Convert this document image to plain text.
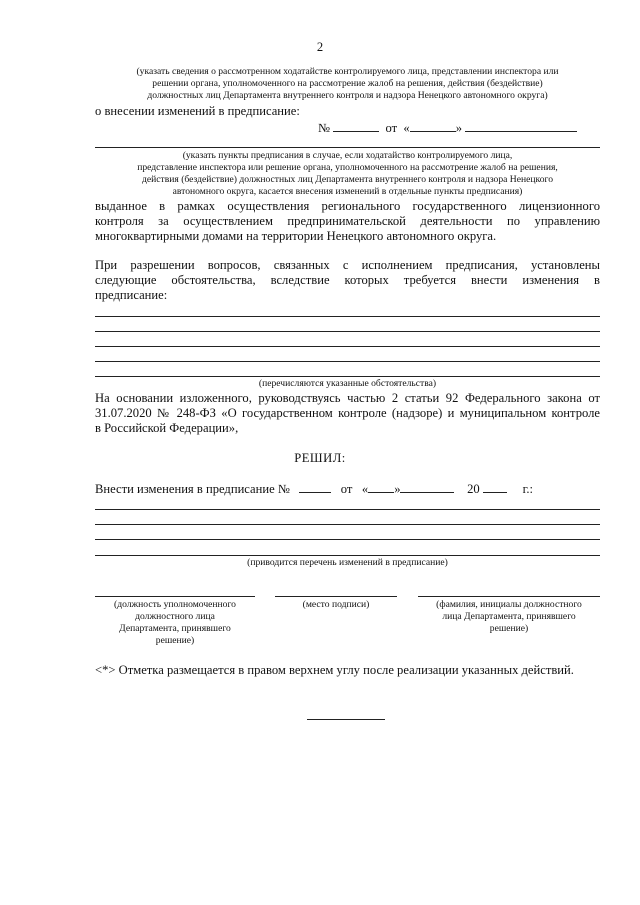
2
(указать сведения о рассмотренном ходатайстве контролируемого лица, представлении инспектора или
решении органа, уполномоченного на рассмотрение жалоб на решения, действия (бездействие)
должностных лиц Департамента внутреннего контроля и надзора Ненецкого автономного округа)
о внесении изменений в предписание:
№	от «	»
(указать пункты предписания в случае, если ходатайство контролируемого лица,
представление инспектора или решение органа, уполномоченного на рассмотрение жалоб на решения,
действия (бездействие) должностных лиц Департамента внутреннего контроля и надзора Ненецкого
автономного округа, касается внесения изменений в отдельные пункты предписания)
выданное в рамках осуществления регионального государственного лицензионного
контроля за осуществлением предпринимательской деятельности по управлению
многоквартирными домами на территории Ненецкого автономного округа.
При разрешении вопросов, связанных с исполнением предписания, установлены
следующие обстоятельства, вследствие которых требуется внести изменения в
предписание:
(перечисляются указанные обстоятельства)
На основании изложенного, руководствуясь частью 2 статьи 92 Федерального закона от
31.07.2020 № 248-ФЗ «О государственном контроле (надзоре) и муниципальном контроле
в Российской Федерации»,
РЕШИЛ:
Внести изменения в предписание №	от « »	20	г.:
(приводится перечень изменений в предписание)
(должность уполномоченного
должностного лица
Департамента, принявшего
решение)
(место подписи)	(фамилия, инициалы должностного
лица Департамента, принявшего
решение)
<*> Отметка размещается в правом верхнем углу после реализации указанных действий.
